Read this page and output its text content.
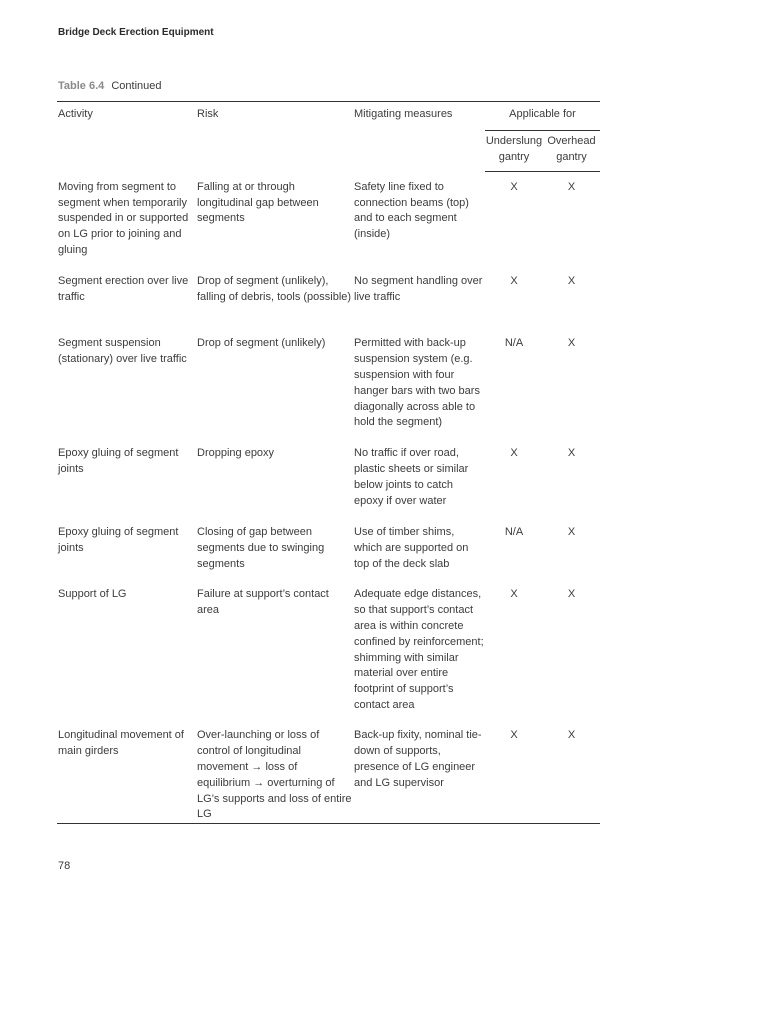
Bridge Deck Erection Equipment
Table 6.4 Continued
Activity	Risk	Mitigating measures	Applicable for	
			Underslung gantry	Overhead gantry
Moving from segment to segment when temporarily suspended in or supported on LG prior to joining and gluing	Falling at or through longitudinal gap between segments	Safety line fixed to connection beams (top) and to each segment (inside)	X	X
Segment erection over live traffic	Drop of segment (unlikely), falling of debris, tools (possible)	No segment handling over live traffic	X	X
Segment suspension (stationary) over live traffic	Drop of segment (unlikely)	Permitted with back-up suspension system (e.g. suspension with four hanger bars with two bars diagonally across able to hold the segment)	N/A	X
Epoxy gluing of segment joints	Dropping epoxy	No traffic if over road, plastic sheets or similar below joints to catch epoxy if over water	X	X
Epoxy gluing of segment joints	Closing of gap between segments due to swinging segments	Use of timber shims, which are supported on top of the deck slab	N/A	X
Support of LG	Failure at support’s contact area	Adequate edge distances, so that support’s contact area is within concrete confined by reinforcement; shimming with similar material over entire footprint of support’s contact area	X	X
Longitudinal movement of main girders	Over-launching or loss of control of longitudinal movement → loss of equilibrium → overturning of LG’s supports and loss of entire LG	Back-up fixity, nominal tie-down of supports, presence of LG engineer and LG supervisor	X	X
78
